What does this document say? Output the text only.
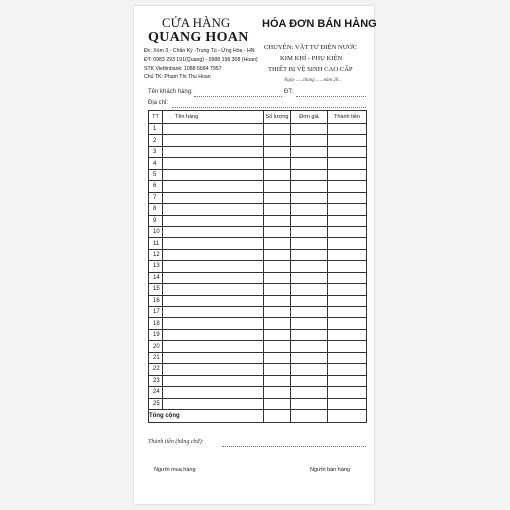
CỬA HÀNG
QUANG HOAN
Đc: Xóm 3 - Chấn Kỳ -Trung Tú - Ứng Hòa - HN
ĐT: 0983 293 191(Quang) - 0988 198 308 (Hoan)
STK Viettinbank: 1088 6684 7957
Chủ TK: Phạm Thị Thu Hoan
HÓA ĐƠN BÁN HÀNG
CHUYÊN: VẬT TƯ ĐIỆN NƯỚC
KIM KHÍ - PHỤ KIỆN
THIẾT BỊ VỆ SINH CAO CẤP
Ngày ......tháng ......năm 20...
Tên khách hàng:	ĐT:
Địa chỉ:
TT	Tên hàng	Số lượng	Đơn giá	Thành tiền
1				
2				
3				
4				
5				
6				
7				
8				
9				
10				
11				
12				
13				
14				
15				
16				
17				
18				
19				
20				
21				
22				
23				
24				
25				
Tổng cộng				
Thành tiền (bằng chữ):
Người mua hàng	Người bán hàng
